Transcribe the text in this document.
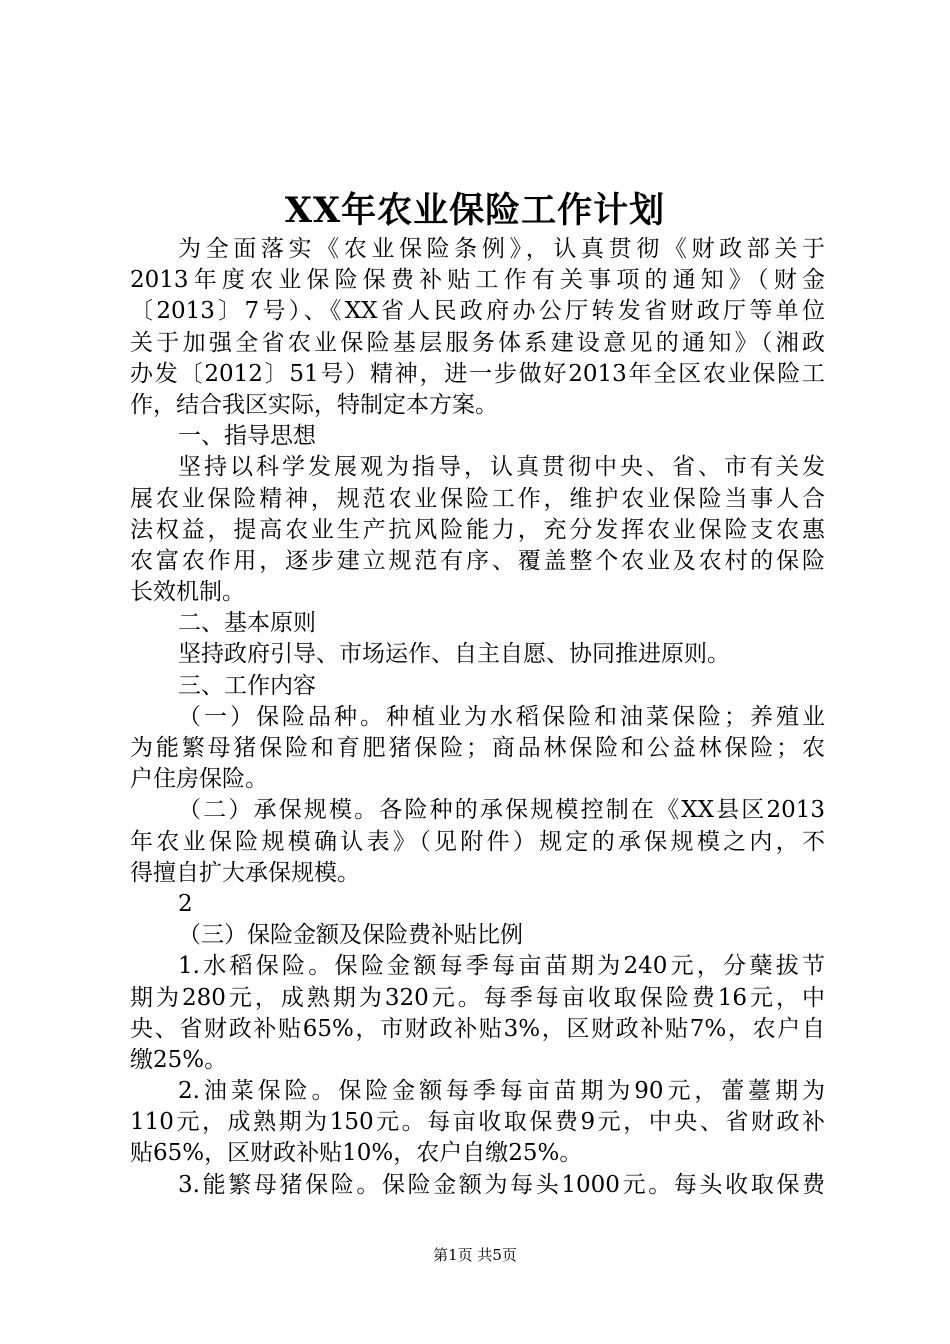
XX年农业保险工作计划
为全面落实《农业保险条例》，认真贯彻《财政部关于
2013年度农业保险保费补贴工作有关事项的通知》（财金
〔2013〕7号）、《XX省人民政府办公厅转发省财政厅等单位
关于加强全省农业保险基层服务体系建设意见的通知》（湘政
办发〔2012〕51号）精神，进一步做好2013年全区农业保险工
作，结合我区实际，特制定本方案。
一、指导思想
坚持以科学发展观为指导，认真贯彻中央、省、市有关发
展农业保险精神，规范农业保险工作，维护农业保险当事人合
法权益，提高农业生产抗风险能力，充分发挥农业保险支农惠
农富农作用，逐步建立规范有序、覆盖整个农业及农村的保险
长效机制。
二、基本原则
坚持政府引导、市场运作、自主自愿、协同推进原则。
三、工作内容
（一）保险品种。种植业为水稻保险和油菜保险；养殖业
为能繁母猪保险和育肥猪保险；商品林保险和公益林保险；农
户住房保险。
（二）承保规模。各险种的承保规模控制在《XX县区2013
年农业保险规模确认表》（见附件）规定的承保规模之内，不
得擅自扩大承保规模。
2
（三）保险金额及保险费补贴比例
1.水稻保险。保险金额每季每亩苗期为240元，分蘖拔节
期为280元，成熟期为320元。每季每亩收取保险费16元，中
央、省财政补贴65%，市财政补贴3%，区财政补贴7%，农户自
缴25%。
2.油菜保险。保险金额每季每亩苗期为90元，蕾薹期为
110元，成熟期为150元。每亩收取保费9元，中央、省财政补
贴65%，区财政补贴10%，农户自缴25%。
3.能繁母猪保险。保险金额为每头1000元。每头收取保费
第1页 共5页
